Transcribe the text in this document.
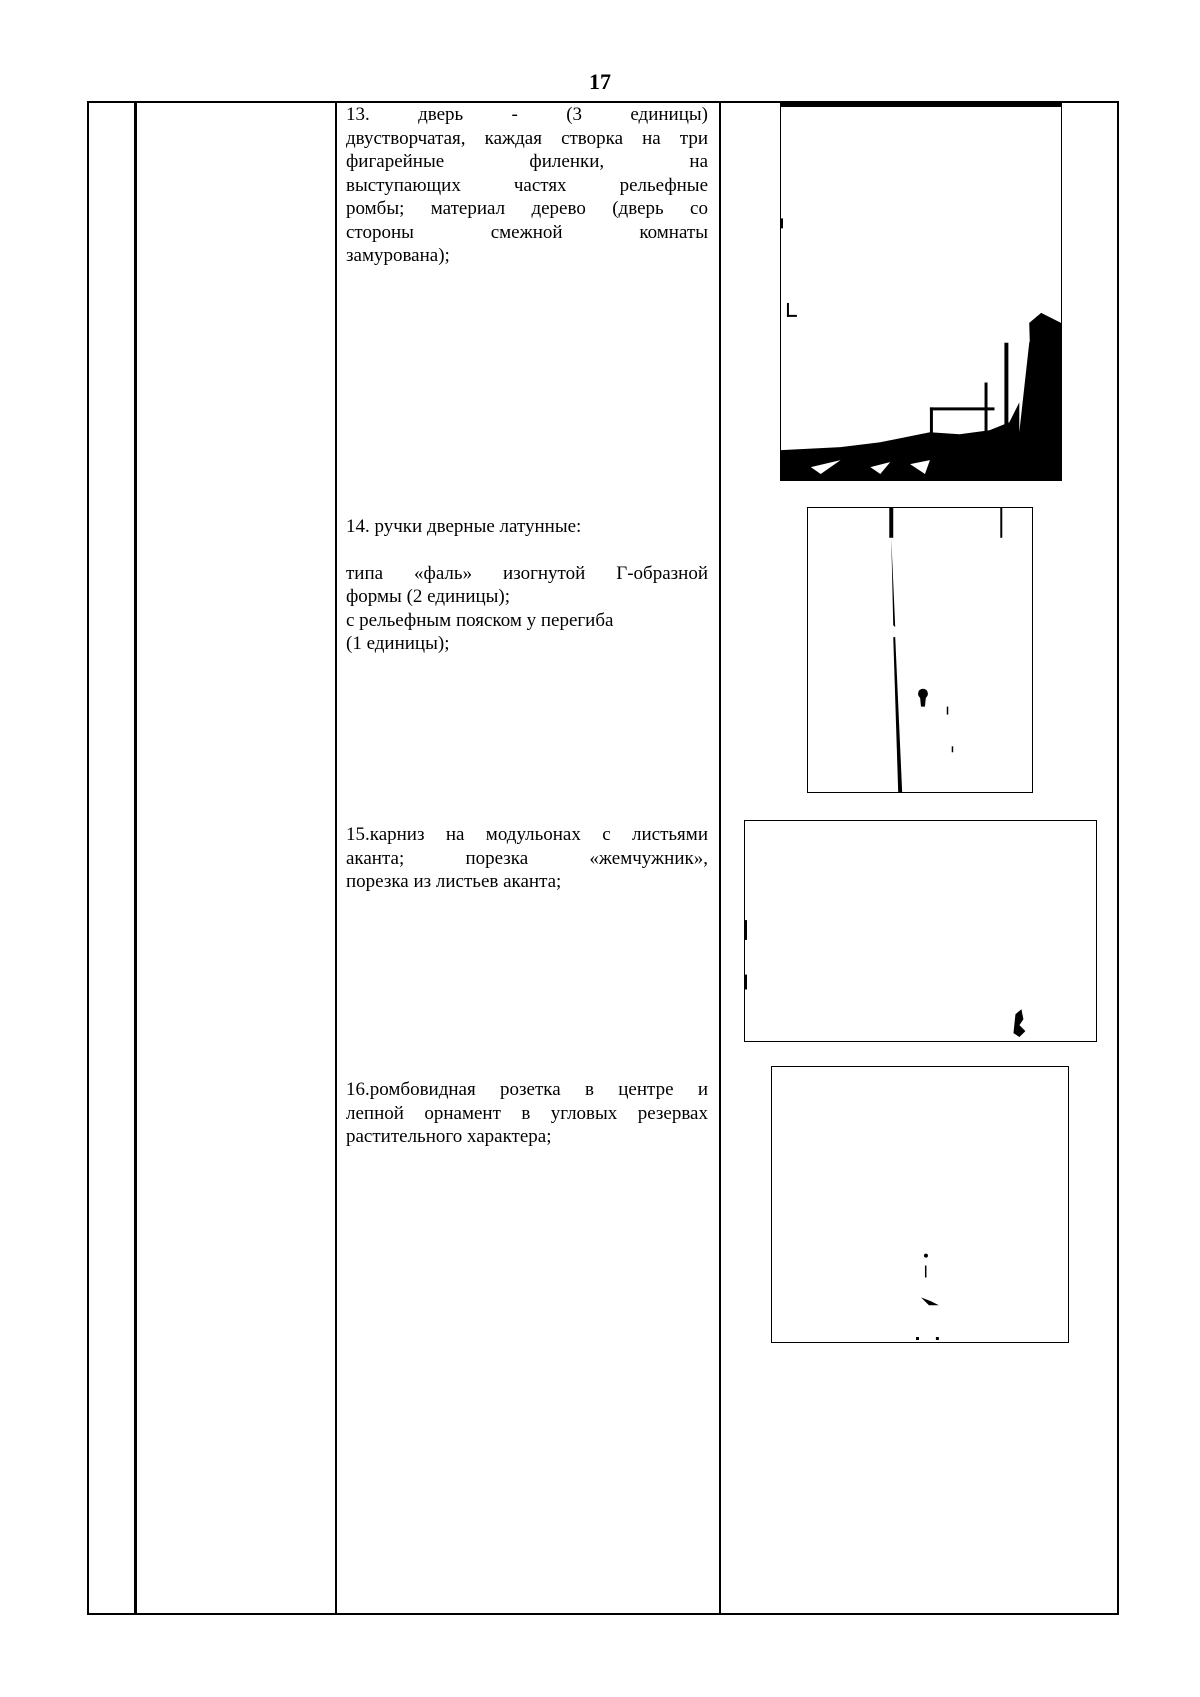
17

13. дверь - (3 единицы)

двустворчатая, каждая створка на три

фигарейные филенки, на

выступающих частях рельефные

ромбы; материал дерево (дверь со

стороны смежной комнаты

замурована);

14. ручки дверные латунные:

типа «фаль» изогнутой Г-образной

формы (2 единицы);

с рельефным пояском у перегиба

(1 единицы);

15.карниз на модульонах с листьями

аканта; порезка «жемчужник»,

порезка из листьев аканта;

16.ромбовидная розетка в центре и

лепной орнамент в угловых резервах

растительного характера;
